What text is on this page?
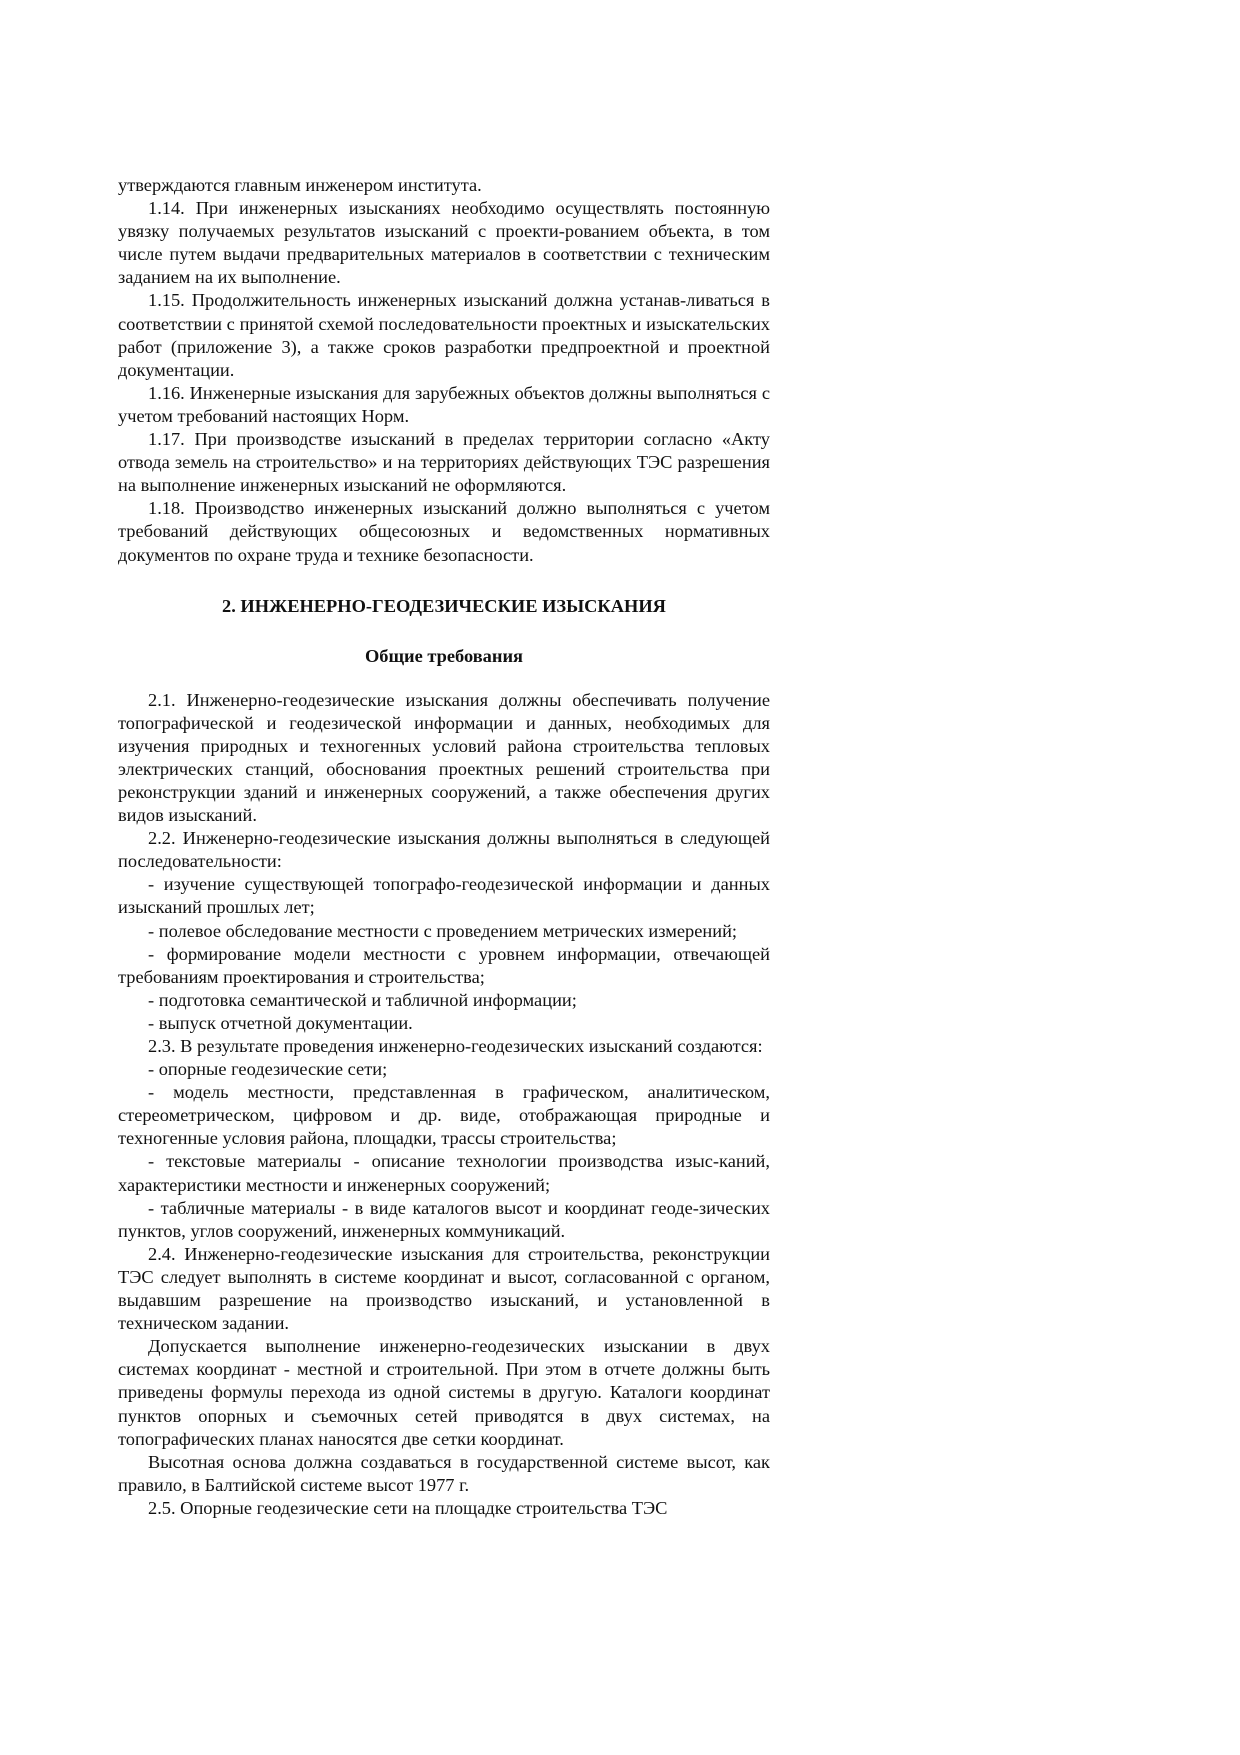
утверждаются главным инженером института.

1.14. При инженерных изысканиях необходимо осуществлять постоянную увязку получаемых результатов изысканий с проекти-рованием объекта, в том числе путем выдачи предварительных материалов в соответствии с техническим заданием на их выполнение.

1.15. Продолжительность инженерных изысканий должна устанав-ливаться в соответствии с принятой схемой последовательности проектных и изыскательских работ (приложение 3), а также сроков разработки предпроектной и проектной документации.

1.16. Инженерные изыскания для зарубежных объектов должны выполняться с учетом требований настоящих Норм.

1.17. При производстве изысканий в пределах территории согласно «Акту отвода земель на строительство» и на территориях действующих ТЭС разрешения на выполнение инженерных изысканий не оформляются.

1.18. Производство инженерных изысканий должно выполняться с учетом требований действующих общесоюзных и ведомственных нормативных документов по охране труда и технике безопасности.

2. ИНЖЕНЕРНО-ГЕОДЕЗИЧЕСКИЕ ИЗЫСКАНИЯ
Общие требования

2.1. Инженерно-геодезические изыскания должны обеспечивать получение топографической и геодезической информации и данных, необходимых для изучения природных и техногенных условий района строительства тепловых электрических станций, обоснования проектных решений строительства при реконструкции зданий и инженерных сооружений, а также обеспечения других видов изысканий.

2.2. Инженерно-геодезические изыскания должны выполняться в следующей последовательности:

- изучение существующей топографо-геодезической информации и данных изысканий прошлых лет;

- полевое обследование местности с проведением метрических измерений;

- формирование модели местности с уровнем информации, отвечающей требованиям проектирования и строительства;

- подготовка семантической и табличной информации;

- выпуск отчетной документации.

2.3. В результате проведения инженерно-геодезических изысканий создаются:

- опорные геодезические сети;

- модель местности, представленная в графическом, аналитическом, стереометрическом, цифровом и др. виде, отображающая природные и техногенные условия района, площадки, трассы строительства;

- текстовые материалы - описание технологии производства изыс-каний, характеристики местности и инженерных сооружений;

- табличные материалы - в виде каталогов высот и координат геоде-зических пунктов, углов сооружений, инженерных коммуникаций.

2.4. Инженерно-геодезические изыскания для строительства, реконструкции ТЭС следует выполнять в системе координат и высот, согласованной с органом, выдавшим разрешение на производство изысканий, и установленной в техническом задании.

Допускается выполнение инженерно-геодезических изыскании в двух системах координат - местной и строительной. При этом в отчете должны быть приведены формулы перехода из одной системы в другую. Каталоги координат пунктов опорных и съемочных сетей приводятся в двух системах, на топографических планах наносятся две сетки координат.

Высотная основа должна создаваться в государственной системе высот, как правило, в Балтийской системе высот 1977 г.

2.5. Опорные геодезические сети на площадке строительства ТЭС
